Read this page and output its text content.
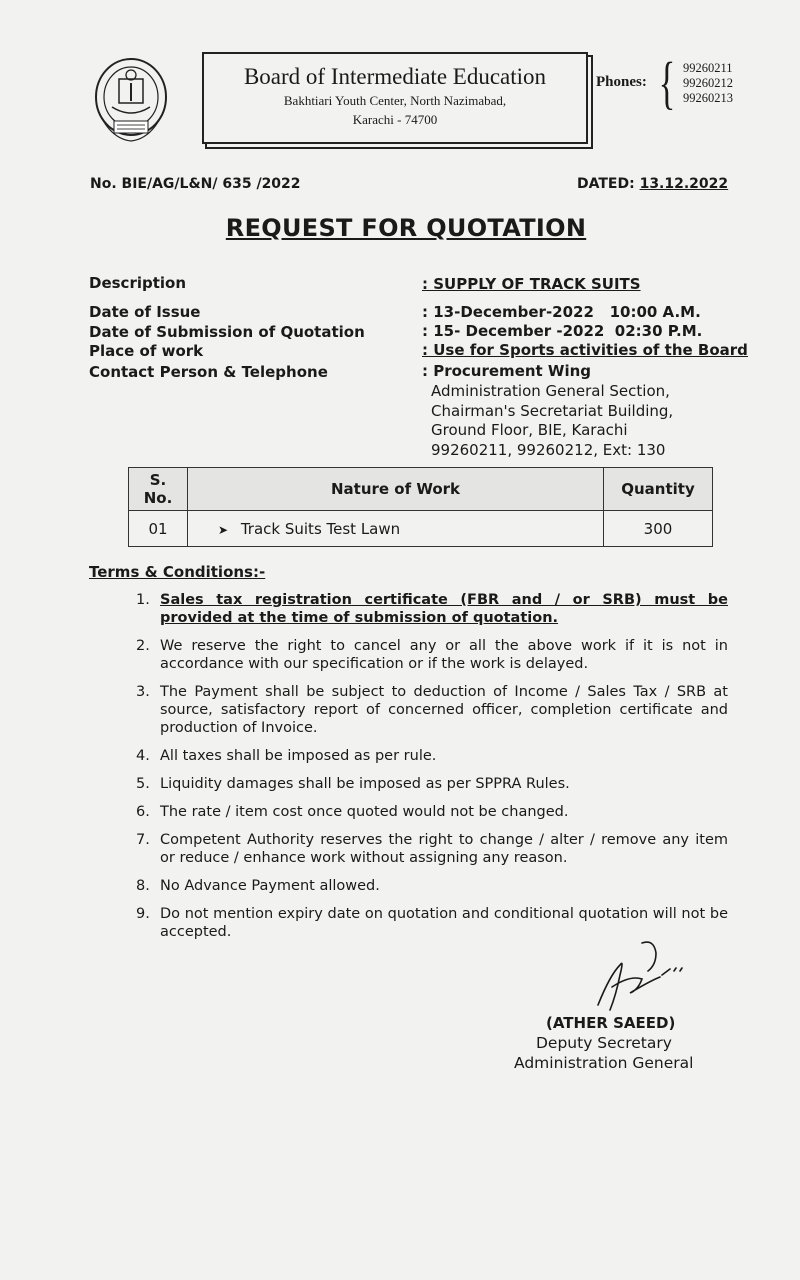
Board of Intermediate Education
Bakhtiari Youth Center, North Nazimabad,
Karachi - 74700
Phones: { 99260211
99260212
99260213
No. BIE/AG/L&N/ 635 /2022	DATED: 13.12.2022
REQUEST FOR QUOTATION
Description	: SUPPLY OF TRACK SUITS
Date of Issue	: 13-December-2022   10:00 A.M.
Date of Submission of Quotation	: 15- December -2022  02:30 P.M.
Place of work	: Use for Sports activities of the Board
Contact Person & Telephone	: Procurement Wing
Administration General Section,
Chairman's Secretariat Building,
Ground Floor, BIE, Karachi
99260211, 99260212, Ext: 130
S.
No.	Nature of Work	Quantity
01	➤ Track Suits Test Lawn	300
Terms & Conditions:-
1. Sales tax registration certificate (FBR and / or SRB) must be provided at the time of submission of quotation.
2. We reserve the right to cancel any or all the above work if it is not in accordance with our specification or if the work is delayed.
3. The Payment shall be subject to deduction of Income / Sales Tax / SRB at source, satisfactory report of concerned officer, completion certificate and production of Invoice.
4. All taxes shall be imposed as per rule.
5. Liquidity damages shall be imposed as per SPPRA Rules.
6. The rate / item cost once quoted would not be changed.
7. Competent Authority reserves the right to change / alter / remove any item or reduce / enhance work without assigning any reason.
8. No Advance Payment allowed.
9. Do not mention expiry date on quotation and conditional quotation will not be accepted.
(ATHER SAEED)
Deputy Secretary
Administration General
